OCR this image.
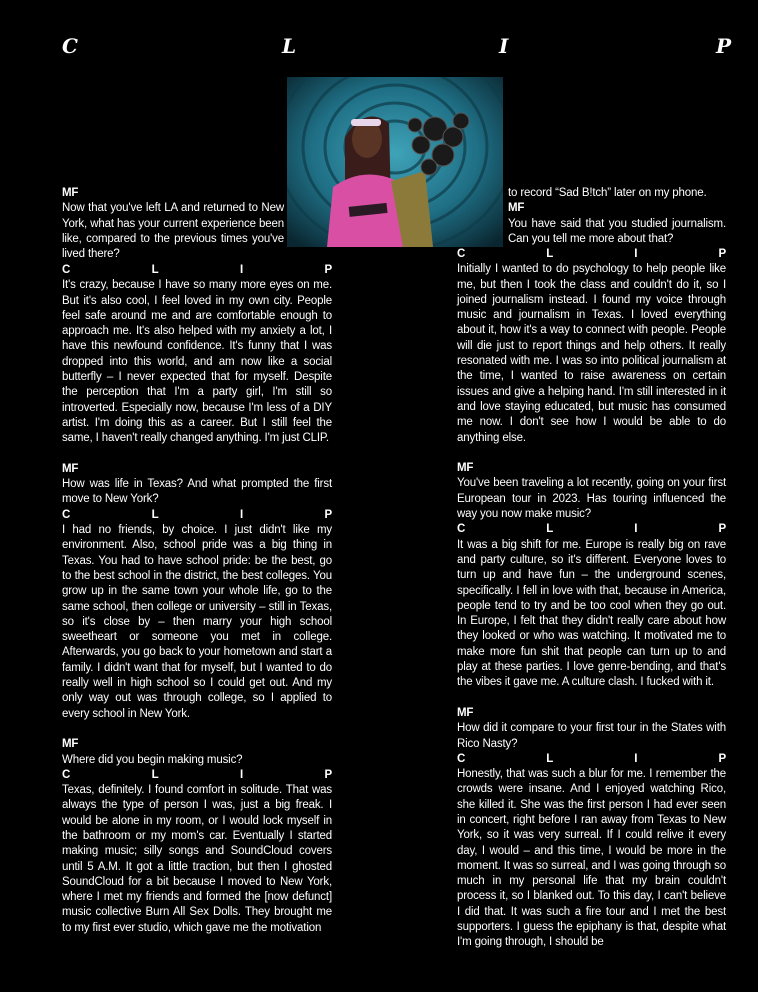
C	L	I	P
MF

Now that you've left LA and returned to New York, what has your current experience been like, compared to the previous times you've lived there?

C	L	I	P

It's crazy, because I have so many more eyes on me. But it's also cool, I feel loved in my own city. People feel safe around me and are comfortable enough to approach me. It's also helped with my anxiety a lot, I have this newfound confidence. It's funny that I was dropped into this world, and am now like a social butterfly – I never expected that for myself. Despite the perception that I'm a party girl, I'm still so introverted. Especially now, because I'm less of a DIY artist. I'm doing this as a career. But I still feel the same, I haven't really changed anything. I'm just CLIP.

MF

How was life in Texas? And what prompted the first move to New York?

C	L	I	P

I had no friends, by choice. I just didn't like my environment. Also, school pride was a big thing in Texas. You had to have school pride: be the best, go to the best school in the district, the best colleges. You grow up in the same town your whole life, go to the same school, then college or university – still in Texas, so it's close by – then marry your high school sweetheart or someone you met in college. Afterwards, you go back to your hometown and start a family. I didn't want that for myself, but I wanted to do really well in high school so I could get out. And my only way out was through college, so I applied to every school in New York.

MF

Where did you begin making music?

C	L	I	P

Texas, definitely. I found comfort in solitude. That was always the type of person I was, just a big freak. I would be alone in my room, or I would lock myself in the bathroom or my mom's car. Eventually I started making music; silly songs and SoundCloud covers until 5 A.M. It got a little traction, but then I ghosted SoundCloud for a bit because I moved to New York, where I met my friends and formed the [now defunct] music collective Burn All Sex Dolls. They brought me to my first ever studio, which gave me the motivation

to record “Sad B!tch” later on my phone.

MF

You have said that you studied journalism. Can you tell me more about that?

C	L	I	P

Initially I wanted to do psychology to help people like me, but then I took the class and couldn't do it, so I joined journalism instead. I found my voice through music and journalism in Texas. I loved everything about it, how it's a way to connect with people. People will die just to report things and help others. It really resonated with me. I was so into political journalism at the time, I wanted to raise awareness on certain issues and give a helping hand. I'm still interested in it and love staying educated, but music has consumed me now. I don't see how I would be able to do anything else.

MF

You've been traveling a lot recently, going on your first European tour in 2023. Has touring influenced the way you now make music?

C	L	I	P

It was a big shift for me. Europe is really big on rave and party culture, so it's different. Everyone loves to turn up and have fun – the underground scenes, specifically. I fell in love with that, because in America, people tend to try and be too cool when they go out. In Europe, I felt that they didn't really care about how they looked or who was watching. It motivated me to make more fun shit that people can turn up to and play at these parties. I love genre-bending, and that's the vibes it gave me. A culture clash. I fucked with it.

MF

How did it compare to your first tour in the States with Rico Nasty?

C	L	I	P

Honestly, that was such a blur for me. I remember the crowds were insane. And I enjoyed watching Rico, she killed it. She was the first person I had ever seen in concert, right before I ran away from Texas to New York, so it was very surreal. If I could relive it every day, I would – and this time, I would be more in the moment. It was so surreal, and I was going through so much in my personal life that my brain couldn't process it, so I blanked out. To this day, I can't believe I did that. It was such a fire tour and I met the best supporters. I guess the epiphany is that, despite what I'm going through, I should be
